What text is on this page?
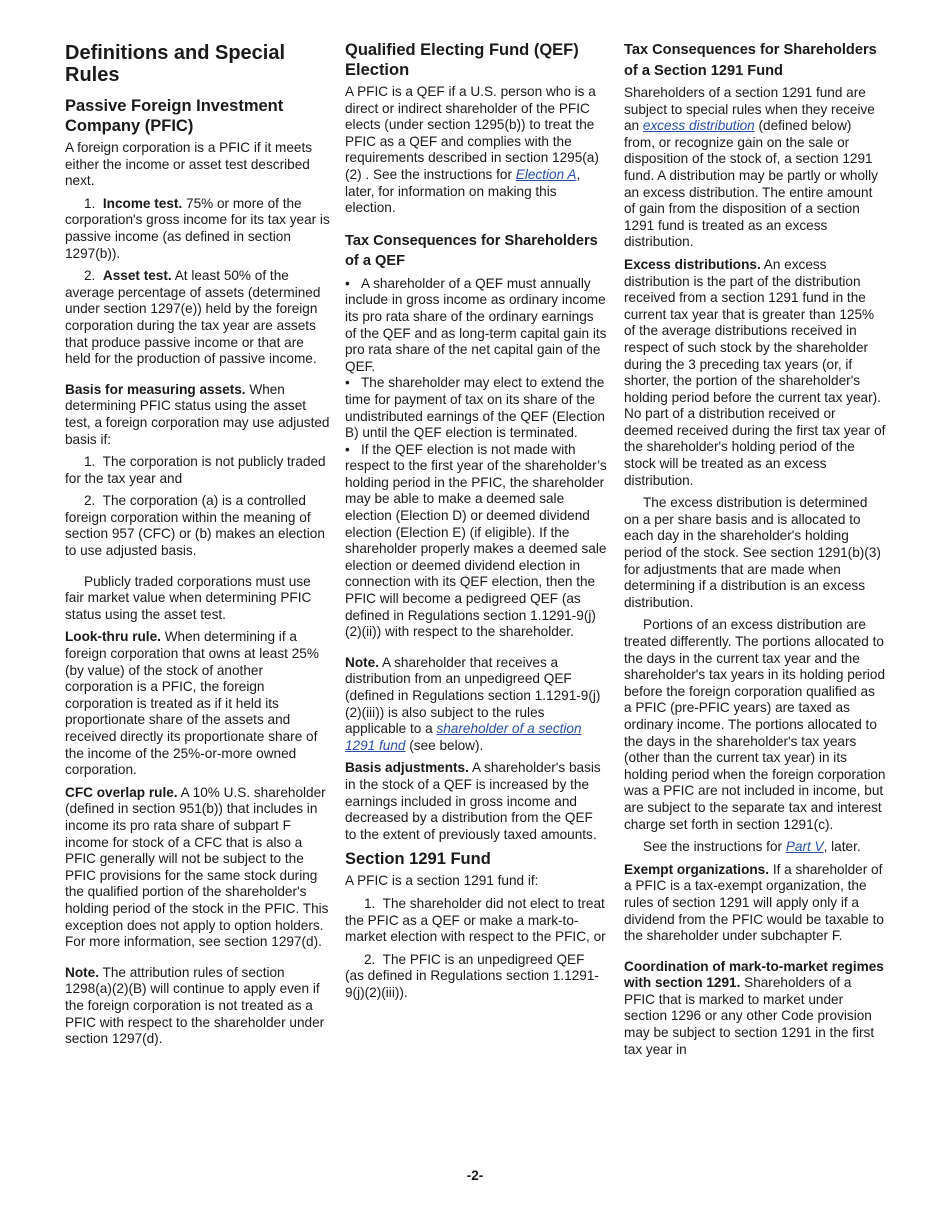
Definitions and Special Rules
Passive Foreign Investment Company (PFIC)

A foreign corporation is a PFIC if it meets either the income or asset test described next.

1. Income test. 75% or more of the corporation's gross income for its tax year is passive income (as defined in section 1297(b)).

2. Asset test. At least 50% of the average percentage of assets (determined under section 1297(e)) held by the foreign corporation during the tax year are assets that produce passive income or that are held for the production of passive income.

Basis for measuring assets. When determining PFIC status using the asset test, a foreign corporation may use adjusted basis if:

1. The corporation is not publicly traded for the tax year and

2. The corporation (a) is a controlled foreign corporation within the meaning of section 957 (CFC) or (b) makes an election to use adjusted basis.

Publicly traded corporations must use fair market value when determining PFIC status using the asset test.

Look-thru rule. When determining if a foreign corporation that owns at least 25% (by value) of the stock of another corporation is a PFIC, the foreign corporation is treated as if it held its proportionate share of the assets and received directly its proportionate share of the income of the 25%-or-more owned corporation.

CFC overlap rule. A 10% U.S. shareholder (defined in section 951(b)) that includes in income its pro rata share of subpart F income for stock of a CFC that is also a PFIC generally will not be subject to the PFIC provisions for the same stock during the qualified portion of the shareholder's holding period of the stock in the PFIC. This exception does not apply to option holders. For more information, see section 1297(d).

Note. The attribution rules of section 1298(a)(2)(B) will continue to apply even if the foreign corporation is not treated as a PFIC with respect to the shareholder under section 1297(d).

Qualified Electing Fund (QEF) Election

A PFIC is a QEF if a U.S. person who is a direct or indirect shareholder of the PFIC elects (under section 1295(b)) to treat the PFIC as a QEF and complies with the requirements described in section 1295(a)(2) . See the instructions for Election A, later, for information on making this election.

Tax Consequences for Shareholders of a QEF

• A shareholder of a QEF must annually include in gross income as ordinary income its pro rata share of the ordinary earnings of the QEF and as long-term capital gain its pro rata share of the net capital gain of the QEF.

• The shareholder may elect to extend the time for payment of tax on its share of the undistributed earnings of the QEF (Election B) until the QEF election is terminated.

• If the QEF election is not made with respect to the first year of the shareholder’s holding period in the PFIC, the shareholder may be able to make a deemed sale election (Election D) or deemed dividend election (Election E) (if eligible). If the shareholder properly makes a deemed sale election or deemed dividend election in connection with its QEF election, then the PFIC will become a pedigreed QEF (as defined in Regulations section 1.1291-9(j)(2)(ii)) with respect to the shareholder.

Note. A shareholder that receives a distribution from an unpedigreed QEF (defined in Regulations section 1.1291-9(j)(2)(iii)) is also subject to the rules applicable to a shareholder of a section 1291 fund (see below).

Basis adjustments. A shareholder's basis in the stock of a QEF is increased by the earnings included in gross income and decreased by a distribution from the QEF to the extent of previously taxed amounts.

Section 1291 Fund

A PFIC is a section 1291 fund if:

1. The shareholder did not elect to treat the PFIC as a QEF or make a mark-to-market election with respect to the PFIC, or

2. The PFIC is an unpedigreed QEF (as defined in Regulations section 1.1291-9(j)(2)(iii)).

Tax Consequences for Shareholders of a Section 1291 Fund

Shareholders of a section 1291 fund are subject to special rules when they receive an excess distribution (defined below) from, or recognize gain on the sale or disposition of the stock of, a section 1291 fund. A distribution may be partly or wholly an excess distribution. The entire amount of gain from the disposition of a section 1291 fund is treated as an excess distribution.

Excess distributions. An excess distribution is the part of the distribution received from a section 1291 fund in the current tax year that is greater than 125% of the average distributions received in respect of such stock by the shareholder during the 3 preceding tax years (or, if shorter, the portion of the shareholder's holding period before the current tax year). No part of a distribution received or deemed received during the first tax year of the shareholder's holding period of the stock will be treated as an excess distribution.

The excess distribution is determined on a per share basis and is allocated to each day in the shareholder's holding period of the stock. See section 1291(b)(3) for adjustments that are made when determining if a distribution is an excess distribution.

Portions of an excess distribution are treated differently. The portions allocated to the days in the current tax year and the shareholder's tax years in its holding period before the foreign corporation qualified as a PFIC (pre-PFIC years) are taxed as ordinary income. The portions allocated to the days in the shareholder's tax years (other than the current tax year) in its holding period when the foreign corporation was a PFIC are not included in income, but are subject to the separate tax and interest charge set forth in section 1291(c).

See the instructions for Part V, later.

Exempt organizations. If a shareholder of a PFIC is a tax-exempt organization, the rules of section 1291 will apply only if a dividend from the PFIC would be taxable to the shareholder under subchapter F.

Coordination of mark-to-market regimes with section 1291. Shareholders of a PFIC that is marked to market under section 1296 or any other Code provision may be subject to section 1291 in the first tax year in

-2-
